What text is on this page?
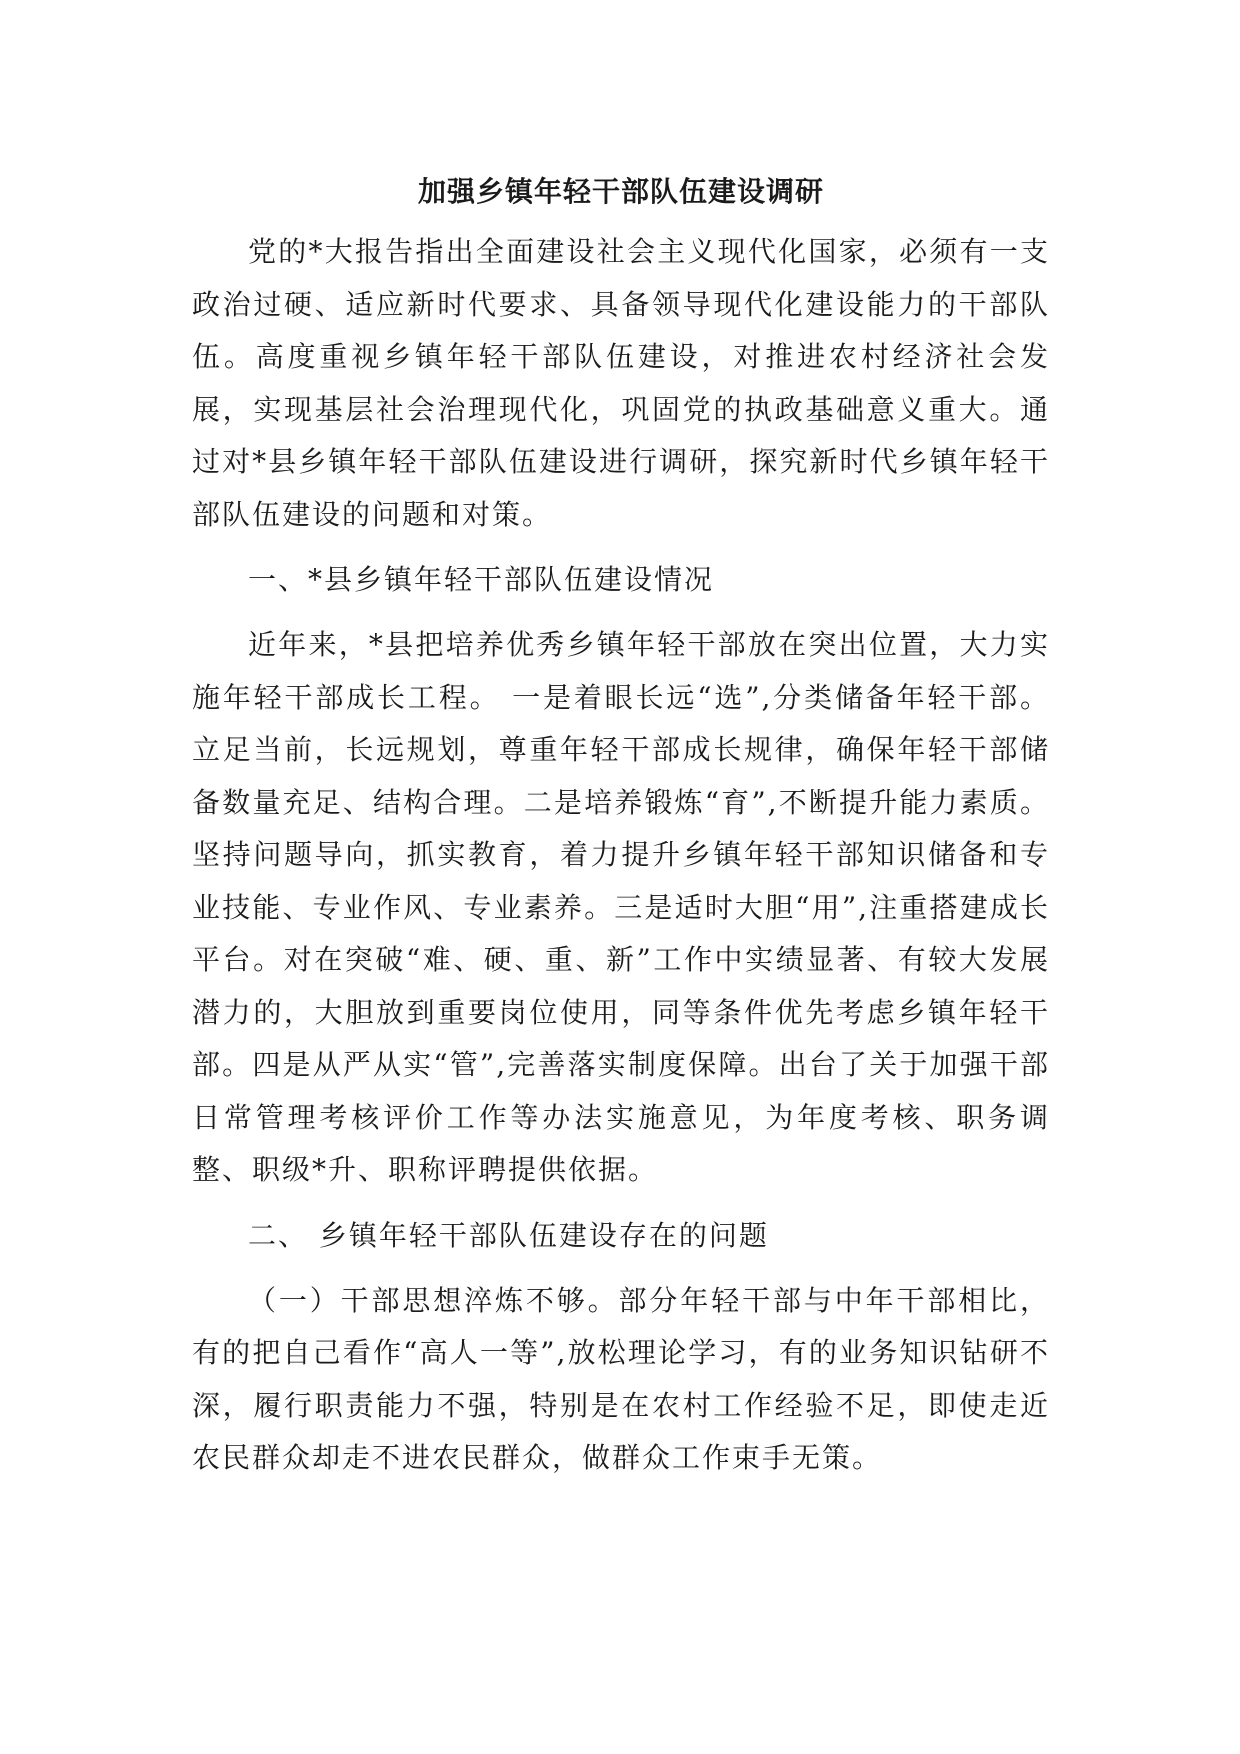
加强乡镇年轻干部队伍建设调研

党的*大报告指出全面建设社会主义现代化国家，必须有一支政治过硬、适应新时代要求、具备领导现代化建设能力的干部队伍。高度重视乡镇年轻干部队伍建设，对推进农村经济社会发展，实现基层社会治理现代化，巩固党的执政基础意义重大。通过对*县乡镇年轻干部队伍建设进行调研，探究新时代乡镇年轻干部队伍建设的问题和对策。

一、*县乡镇年轻干部队伍建设情况

近年来，*县把培养优秀乡镇年轻干部放在突出位置，大力实施年轻干部成长工程。 一是着眼长远“选”,分类储备年轻干部。立足当前，长远规划，尊重年轻干部成长规律，确保年轻干部储备数量充足、结构合理。二是培养锻炼“育”,不断提升能力素质。坚持问题导向，抓实教育，着力提升乡镇年轻干部知识储备和专业技能、专业作风、专业素养。三是适时大胆“用”,注重搭建成长平台。对在突破“难、硬、重、新”工作中实绩显著、有较大发展潜力的，大胆放到重要岗位使用，同等条件优先考虑乡镇年轻干部。四是从严从实“管”,完善落实制度保障。出台了关于加强干部日常管理考核评价工作等办法实施意见，为年度考核、职务调整、职级*升、职称评聘提供依据。

二、 乡镇年轻干部队伍建设存在的问题

（一）干部思想淬炼不够。部分年轻干部与中年干部相比，有的把自己看作“高人一等”,放松理论学习，有的业务知识钻研不深，履行职责能力不强，特别是在农村工作经验不足，即使走近农民群众却走不进农民群众，做群众工作束手无策。
